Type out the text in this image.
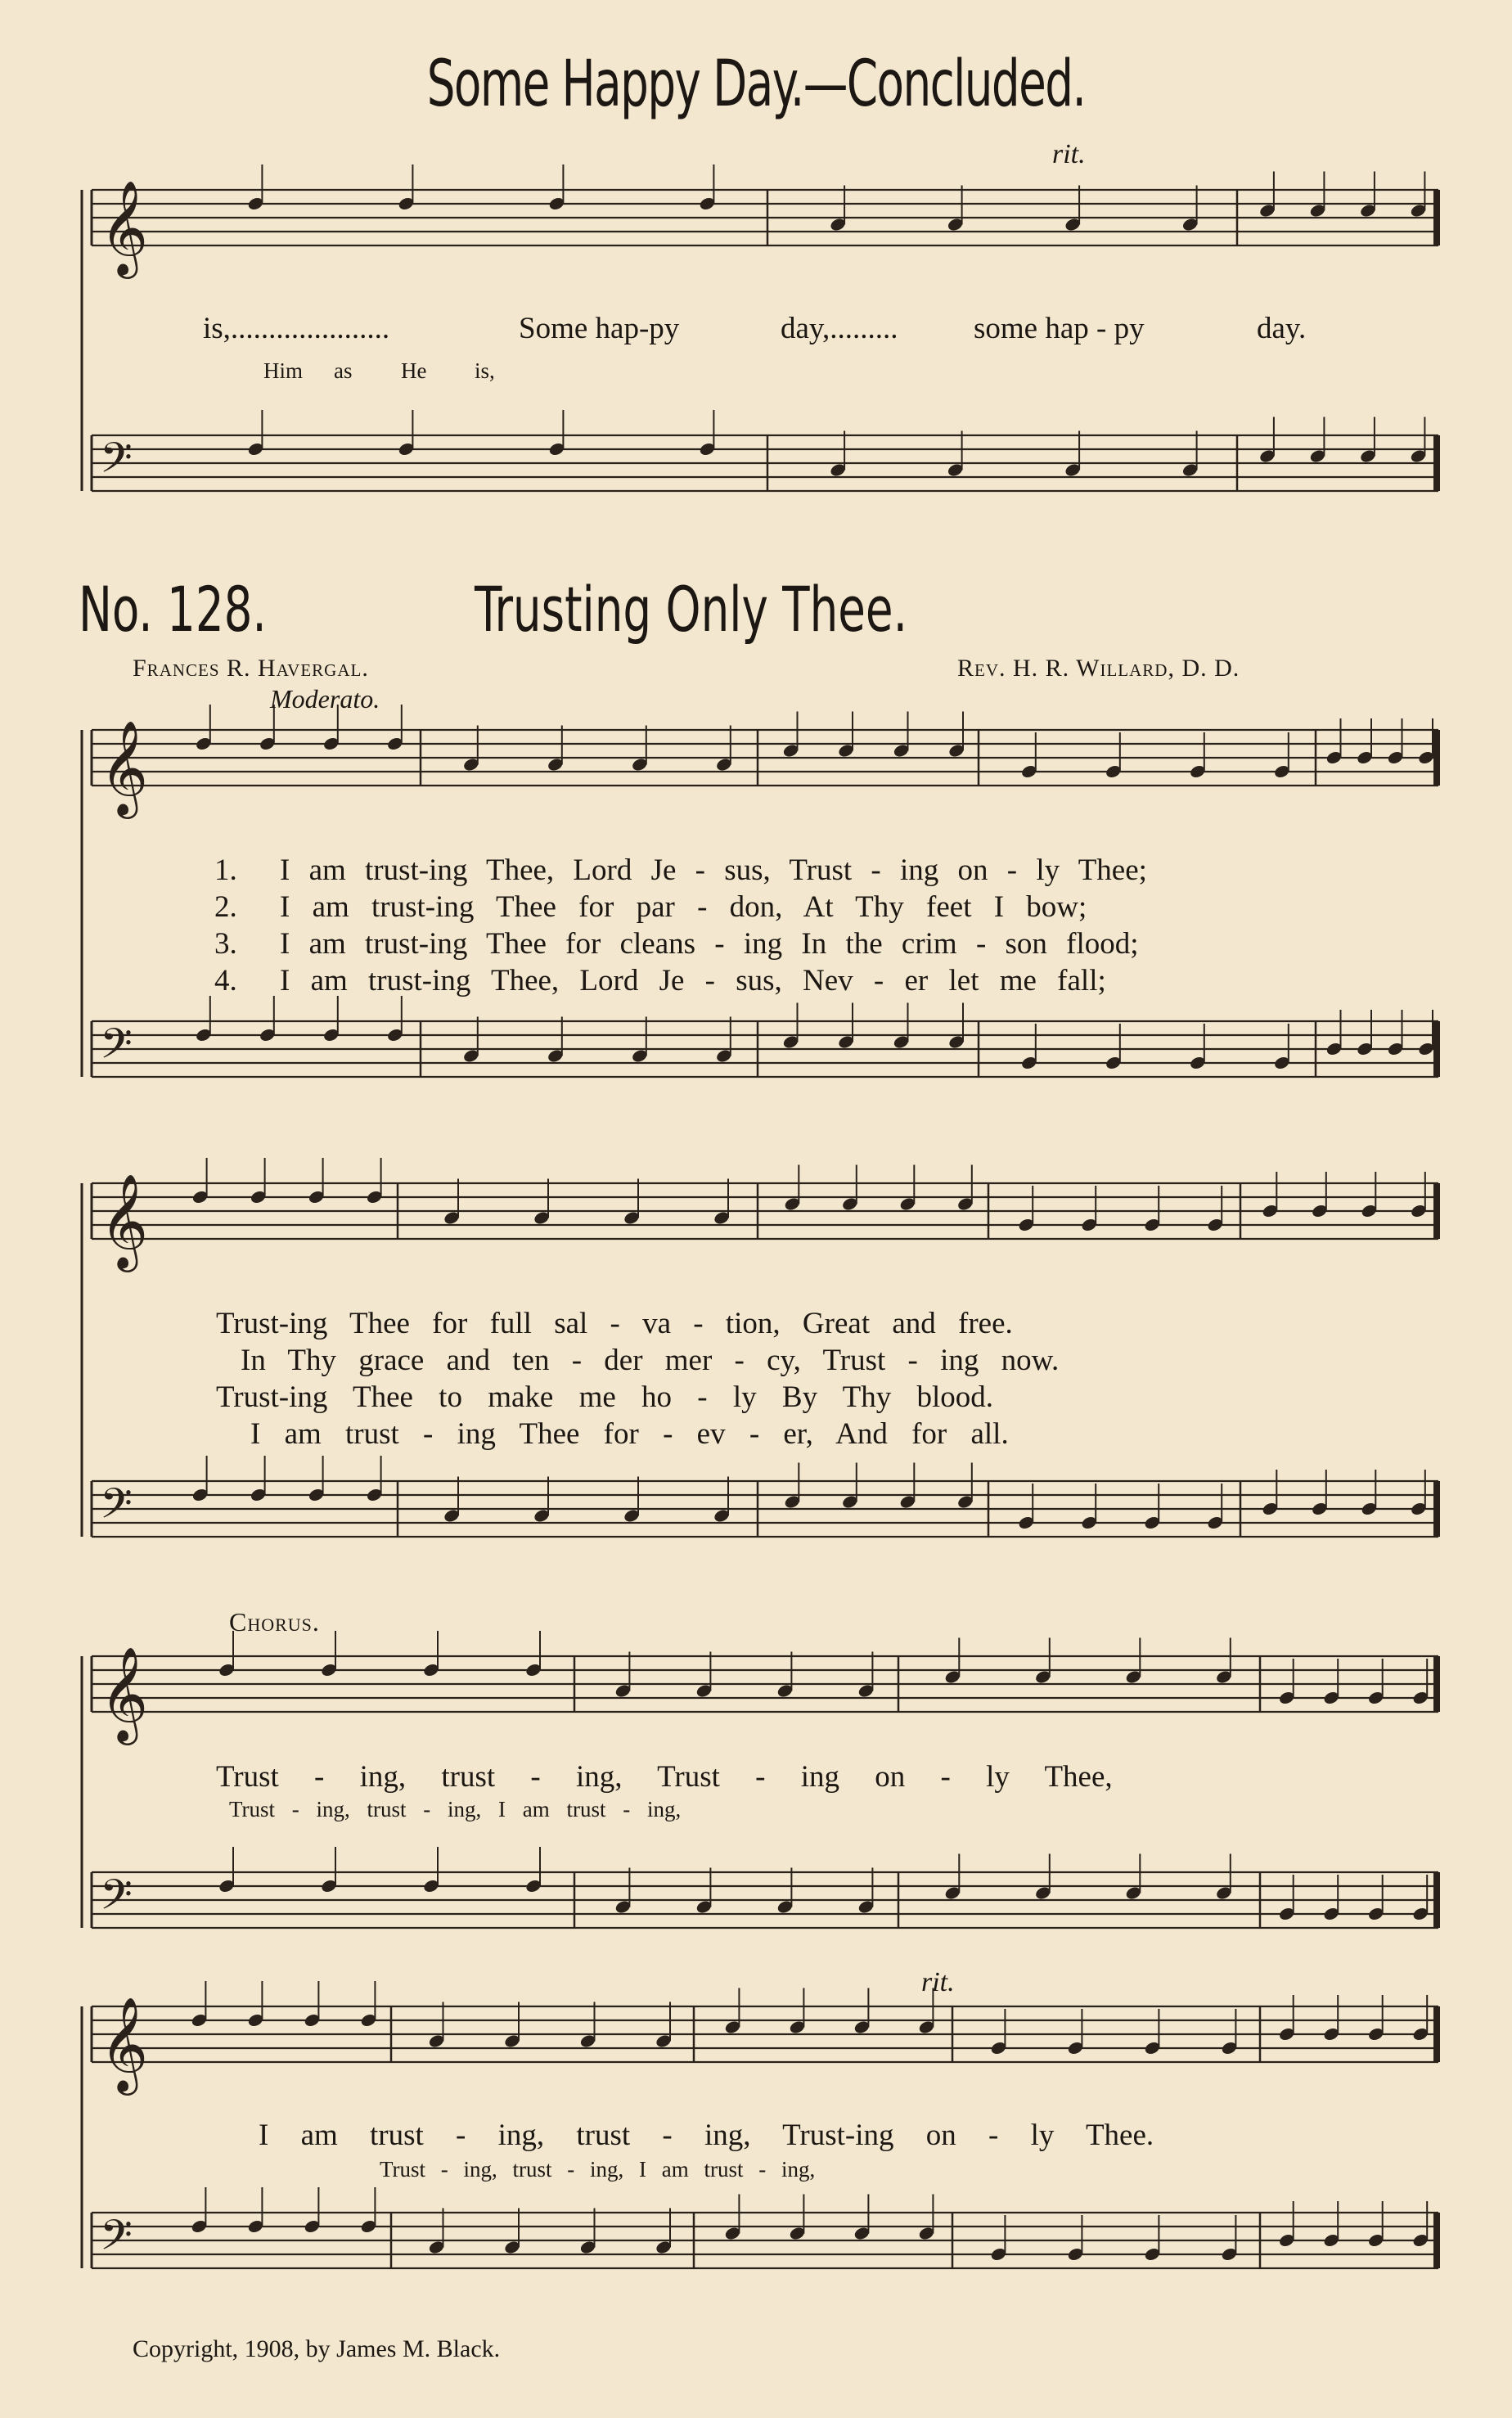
𝄞
𝄢
𝄞
𝄢
𝄞
𝄢
𝄞
𝄢
𝄞
𝄢
Some Happy Day.—Concluded.
rit.
is,.....................	Some hap-py	day,......... some hap - py	day.
Him as He is,
No. 128.	Trusting Only Thee.
Frances R. Havergal.	Rev. H. R. Willard, D. D.
Moderato.
1.
2.
3.
4.
I am trust-ing Thee, Lord Je - sus, Trust - ing on - ly Thee;
I am trust-ing Thee for par - don, At Thy feet I bow;
I am trust-ing Thee for cleans - ing In the crim - son flood;
I am trust-ing Thee, Lord Je - sus, Nev - er let me fall;
Trust-ing Thee for full sal - va - tion, Great and free.
In Thy grace and ten - der mer - cy, Trust - ing now.
Trust-ing Thee to make me ho - ly By Thy blood.
I am trust - ing Thee for - ev - er, And for all.
Chorus.
Trust - ing, trust - ing, Trust - ing on - ly Thee,
Trust - ing, trust - ing, I am trust - ing,
rit.
I am trust - ing, trust - ing, Trust-ing on - ly Thee.
Trust - ing, trust - ing, I am trust - ing,
Copyright, 1908, by James M. Black.
